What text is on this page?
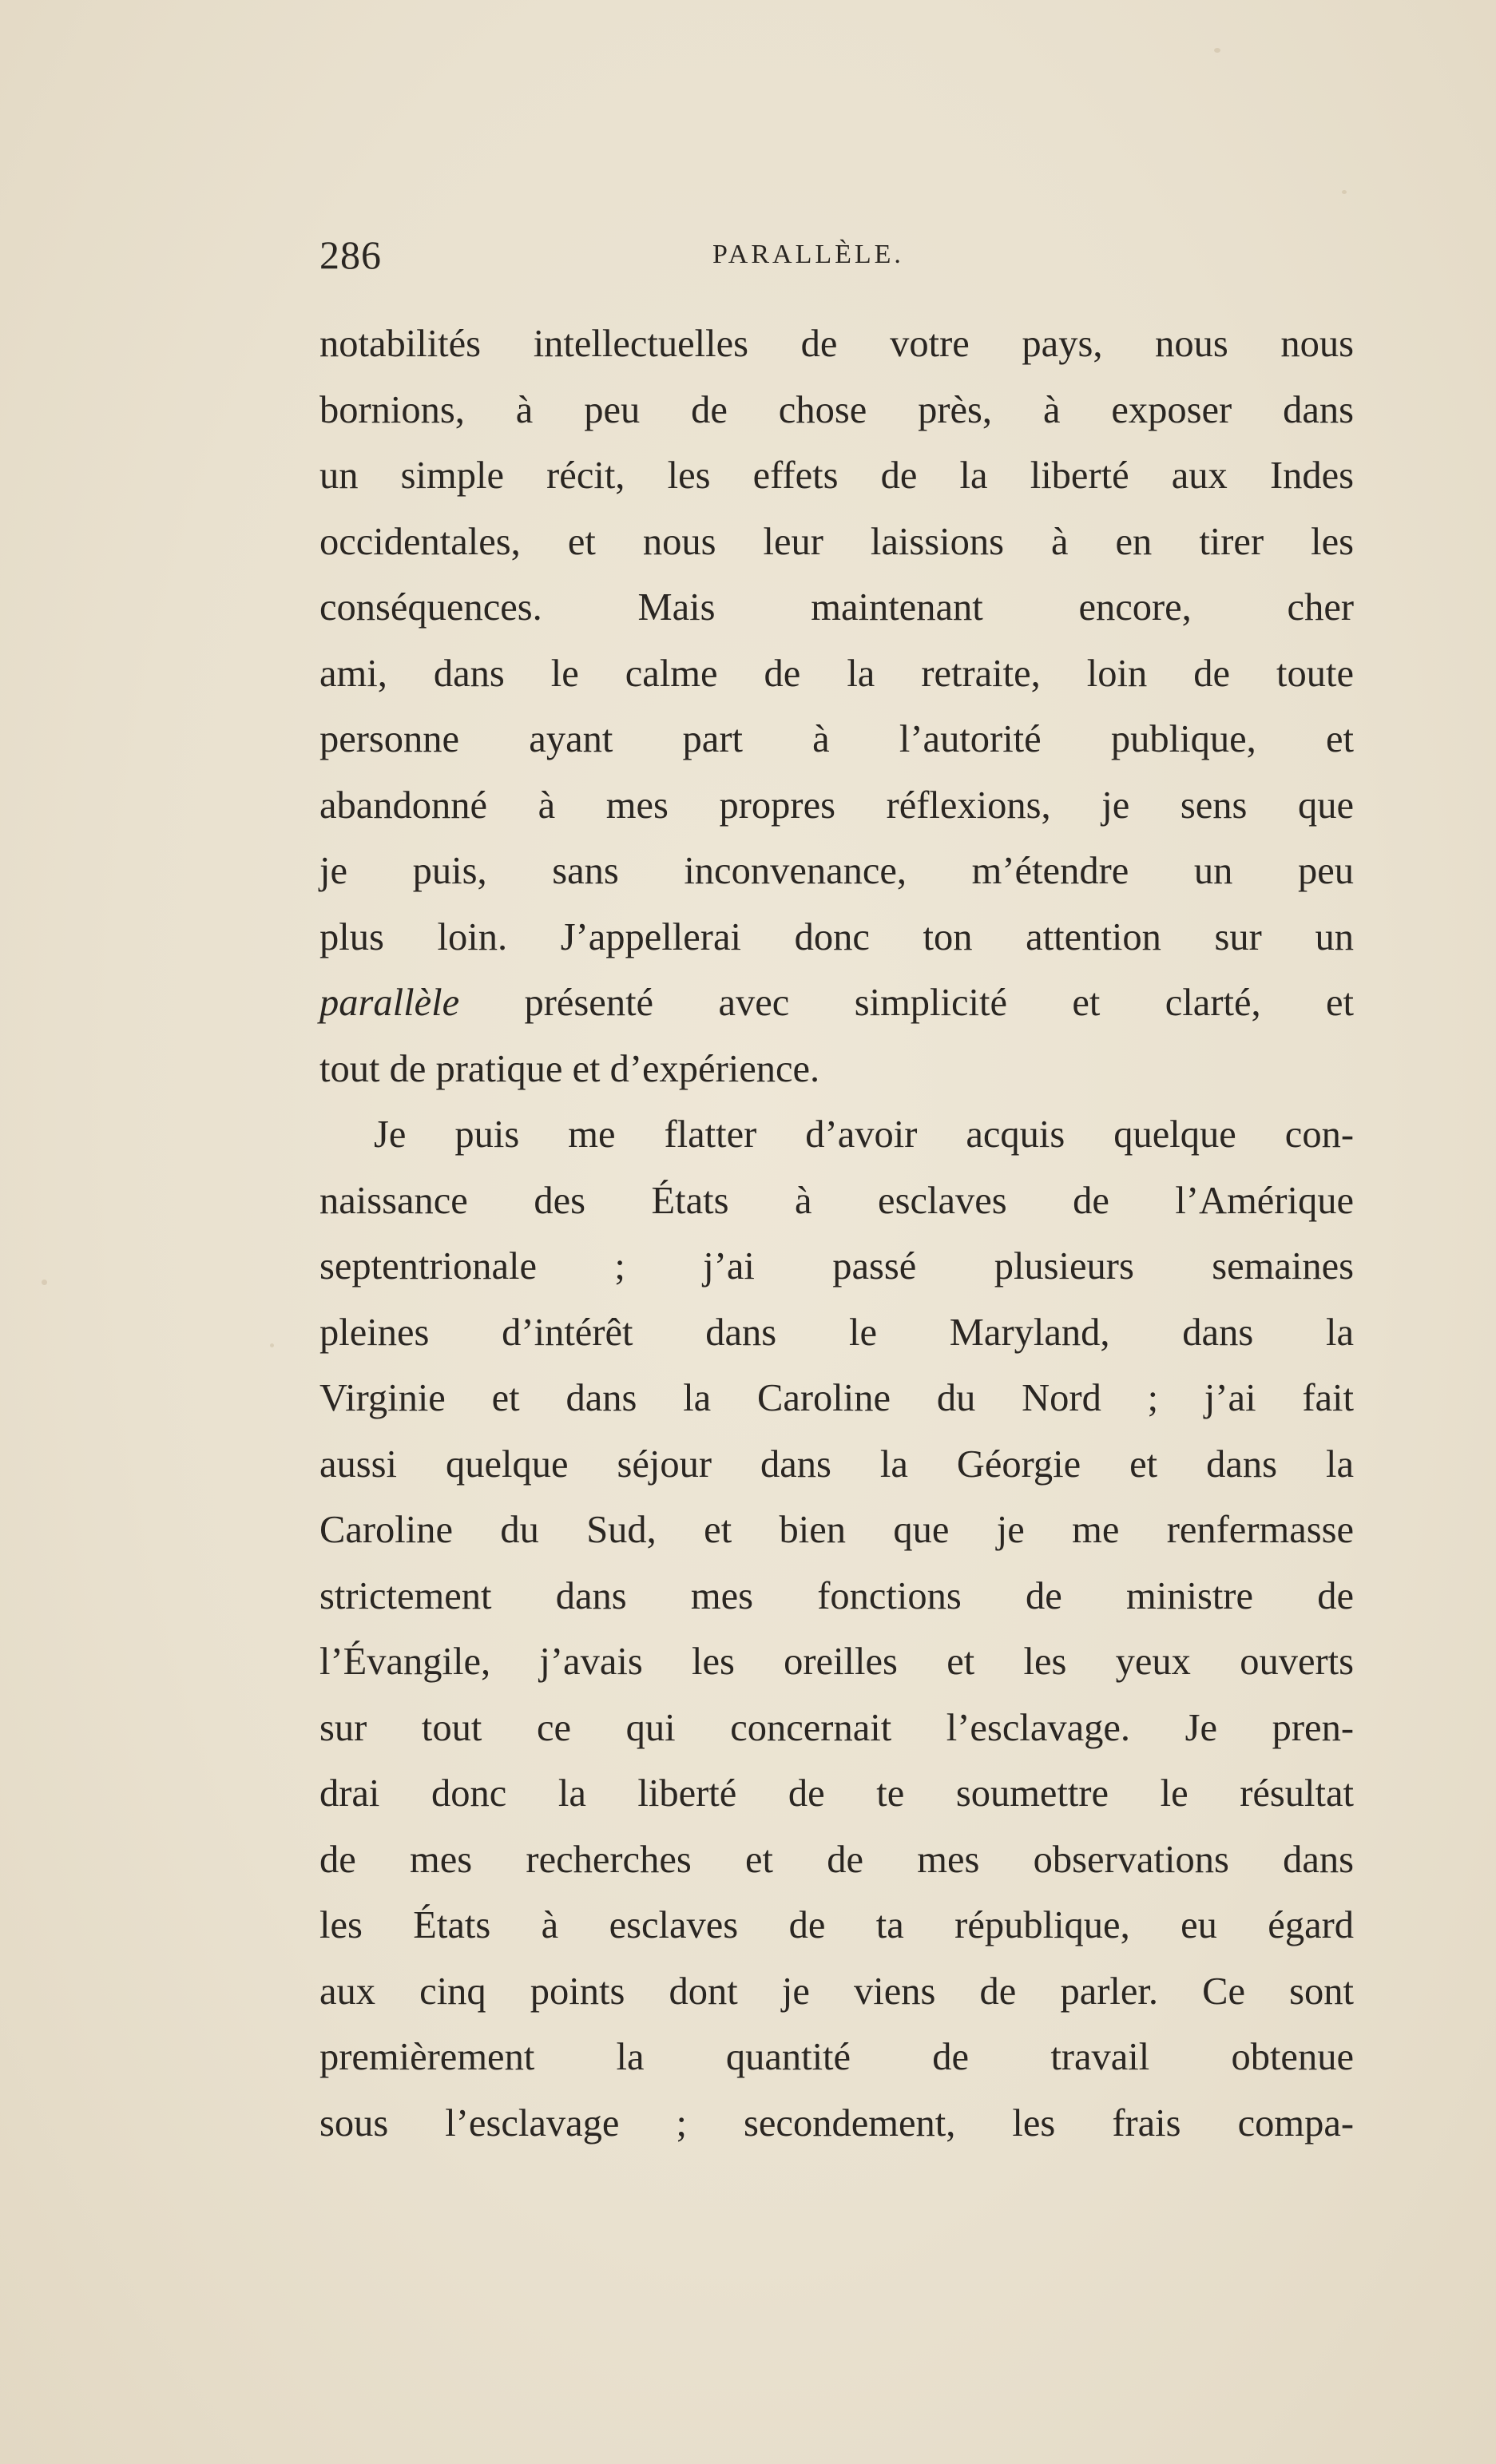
286	PARALLÈLE.
notabilités intellectuelles de votre pays, nous nous
bornions, à peu de chose près, à exposer dans
un simple récit, les effets de la liberté aux Indes
occidentales, et nous leur laissions à en tirer les
conséquences. Mais maintenant encore, cher
ami, dans le calme de la retraite, loin de toute
personne ayant part à l’autorité publique, et
abandonné à mes propres réflexions, je sens que
je puis, sans inconvenance, m’étendre un peu
plus loin. J’appellerai donc ton attention sur un
parallèle présenté avec simplicité et clarté, et
tout de pratique et d’expérience.
Je puis me flatter d’avoir acquis quelque con-
naissance des États à esclaves de l’Amérique
septentrionale ; j’ai passé plusieurs semaines
pleines d’intérêt dans le Maryland, dans la
Virginie et dans la Caroline du Nord ; j’ai fait
aussi quelque séjour dans la Géorgie et dans la
Caroline du Sud, et bien que je me renfermasse
strictement dans mes fonctions de ministre de
l’Évangile, j’avais les oreilles et les yeux ouverts
sur tout ce qui concernait l’esclavage. Je pren-
drai donc la liberté de te soumettre le résultat
de mes recherches et de mes observations dans
les États à esclaves de ta république, eu égard
aux cinq points dont je viens de parler. Ce sont
premièrement la quantité de travail obtenue
sous l’esclavage ; secondement, les frais compa-
